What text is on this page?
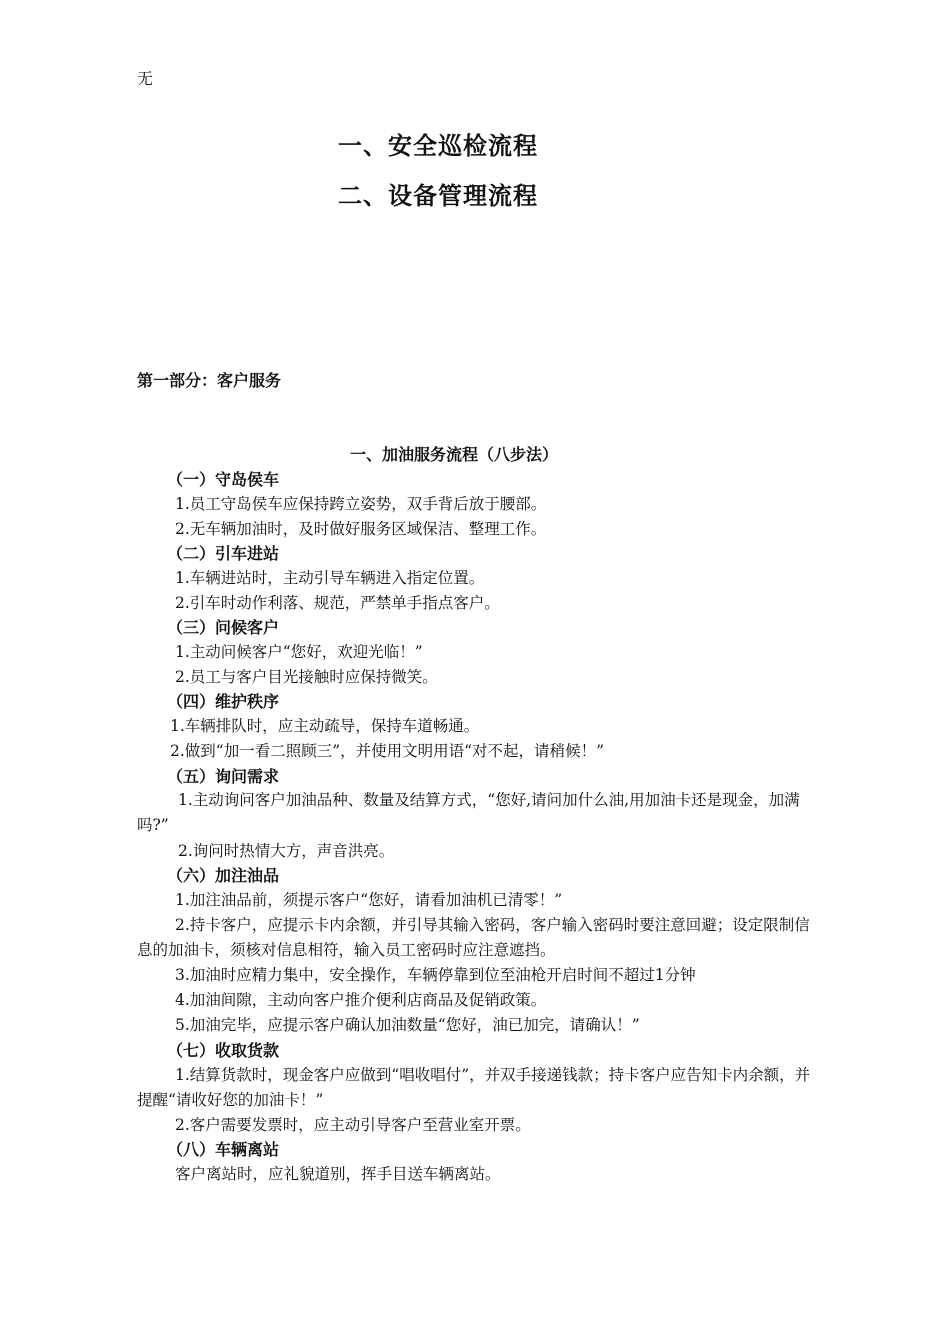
无
一、安全巡检流程
二、设备管理流程
第一部分：客户服务
一、加油服务流程（八步法）
（一）守岛侯车
1.员工守岛侯车应保持跨立姿势，双手背后放于腰部。
2.无车辆加油时，及时做好服务区域保洁、整理工作。
（二）引车进站
1.车辆进站时，主动引导车辆进入指定位置。
2.引车时动作利落、规范，严禁单手指点客户。
（三）问候客户
1.主动问候客户“您好，欢迎光临！”
2.员工与客户目光接触时应保持微笑。
（四）维护秩序
1.车辆排队时，应主动疏导，保持车道畅通。
2.做到“加一看二照顾三”，并使用文明用语“对不起，请稍候！”
（五）询问需求
1.主动询问客户加油品种、数量及结算方式，“您好,请问加什么油,用加油卡还是现金，加满吗?”
2.询问时热情大方，声音洪亮。
（六）加注油品
1.加注油品前，须提示客户“您好，请看加油机已清零！”
2.持卡客户，应提示卡内余额，并引导其输入密码，客户输入密码时要注意回避；设定限制信息的加油卡，须核对信息相符，输入员工密码时应注意遮挡。
3.加油时应精力集中，安全操作，车辆停靠到位至油枪开启时间不超过1分钟
4.加油间隙，主动向客户推介便利店商品及促销政策。
5.加油完毕，应提示客户确认加油数量“您好，油已加完，请确认！”
（七）收取货款
1.结算货款时，现金客户应做到“唱收唱付”，并双手接递钱款；持卡客户应告知卡内余额，并提醒“请收好您的加油卡！”
2.客户需要发票时，应主动引导客户至营业室开票。
（八）车辆离站
客户离站时，应礼貌道别，挥手目送车辆离站。
